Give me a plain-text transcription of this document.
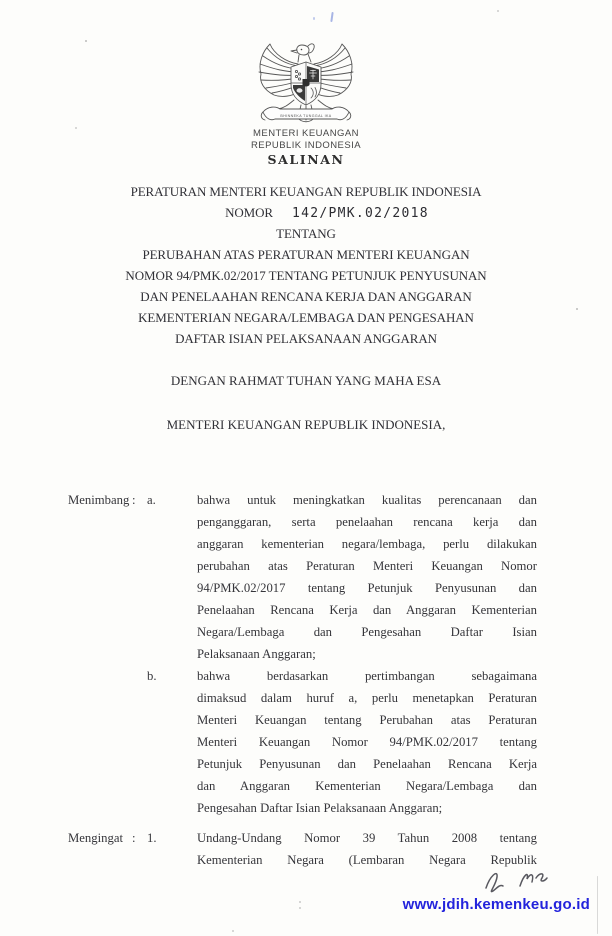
BHINNEKA TUNGGAL IKA
MENTERI KEUANGAN
REPUBLIK INDONESIA
SALINAN
PERATURAN MENTERI KEUANGAN REPUBLIK INDONESIA
NOMOR 142/PMK.02/2018
TENTANG
PERUBAHAN ATAS PERATURAN MENTERI KEUANGAN
NOMOR 94/PMK.02/2017 TENTANG PETUNJUK PENYUSUNAN
DAN PENELAAHAN RENCANA KERJA DAN ANGGARAN
KEMENTERIAN NEGARA/LEMBAGA DAN PENGESAHAN
DAFTAR ISIAN PELAKSANAAN ANGGARAN
DENGAN RAHMAT TUHAN YANG MAHA ESA
MENTERI KEUANGAN REPUBLIK INDONESIA,
Menimbang : a.	bahwa untuk meningkatkan kualitas perencanaan dan
penganggaran, serta penelaahan rencana kerja dan
anggaran kementerian negara/lembaga, perlu dilakukan
perubahan atas Peraturan Menteri Keuangan Nomor
94/PMK.02/2017 tentang Petunjuk Penyusunan dan
Penelaahan Rencana Kerja dan Anggaran Kementerian
Negara/Lembaga dan Pengesahan Daftar Isian
Pelaksanaan Anggaran;
b.	bahwa berdasarkan pertimbangan sebagaimana
dimaksud dalam huruf a, perlu menetapkan Peraturan
Menteri Keuangan tentang Perubahan atas Peraturan
Menteri Keuangan Nomor 94/PMK.02/2017 tentang
Petunjuk Penyusunan dan Penelaahan Rencana Kerja
dan Anggaran Kementerian Negara/Lembaga dan
Pengesahan Daftar Isian Pelaksanaan Anggaran;
Mengingat : 1.	Undang-Undang Nomor 39 Tahun 2008 tentang
Kementerian Negara (Lembaran Negara Republik
www.jdih.kemenkeu.go.id
